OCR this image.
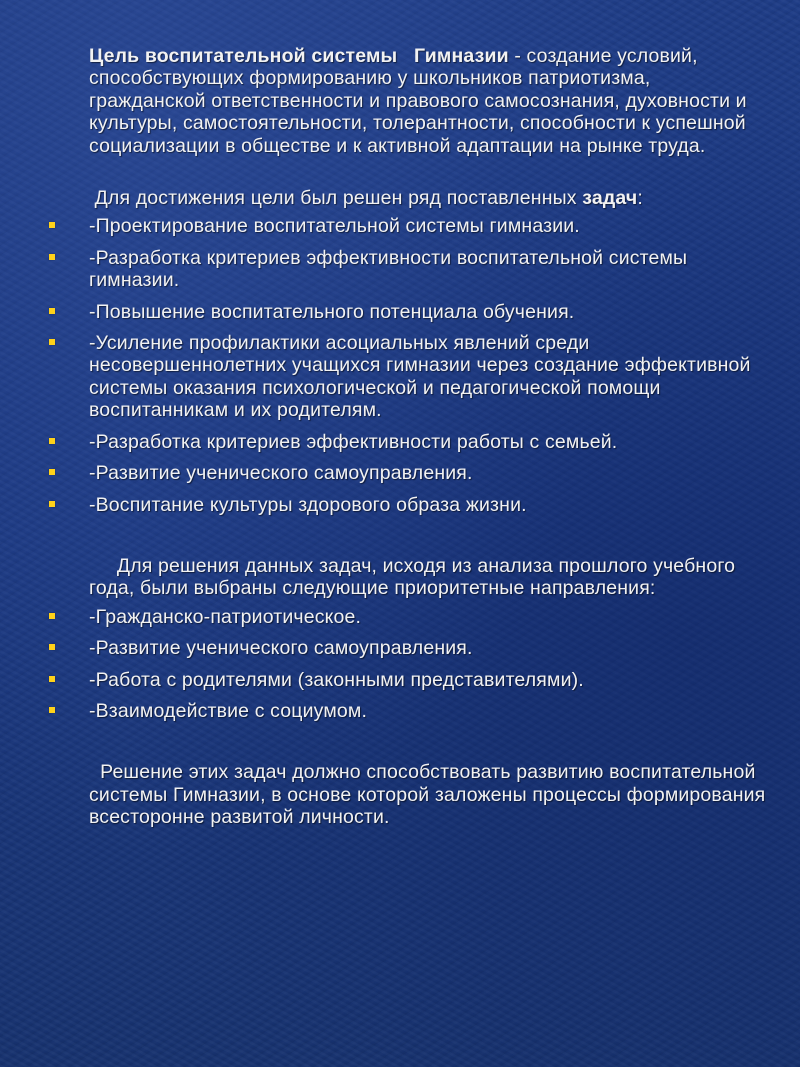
Цель воспитательной системы Гимназии - создание условий, способствующих формированию у школьников патриотизма, гражданской ответственности и правового самосознания, духовности и культуры, самостоятельности, толерантности, способности к успешной социализации в обществе и к активной адаптации на рынке труда.

Для достижения цели был решен ряд поставленных задач:

-Проектирование воспитательной системы гимназии.
-Разработка критериев эффективности воспитательной системы гимназии.
-Повышение воспитательного потенциала обучения.
-Усиление профилактики асоциальных явлений среди несовершеннолетних учащихся гимназии через создание эффективной системы оказания психологической и педагогической помощи воспитанникам и их родителям.
-Разработка критериев эффективности работы с семьей.
-Развитие ученического самоуправления.
-Воспитание культуры здорового образа жизни.

Для решения данных задач, исходя из анализа прошлого учебного года, были выбраны следующие приоритетные направления:

-Гражданско-патриотическое.
-Развитие ученического самоуправления.
-Работа с родителями (законными представителями).
-Взаимодействие с социумом.

Решение этих задач должно способствовать развитию воспитательной системы Гимназии, в основе которой заложены процессы формирования всесторонне развитой личности.
